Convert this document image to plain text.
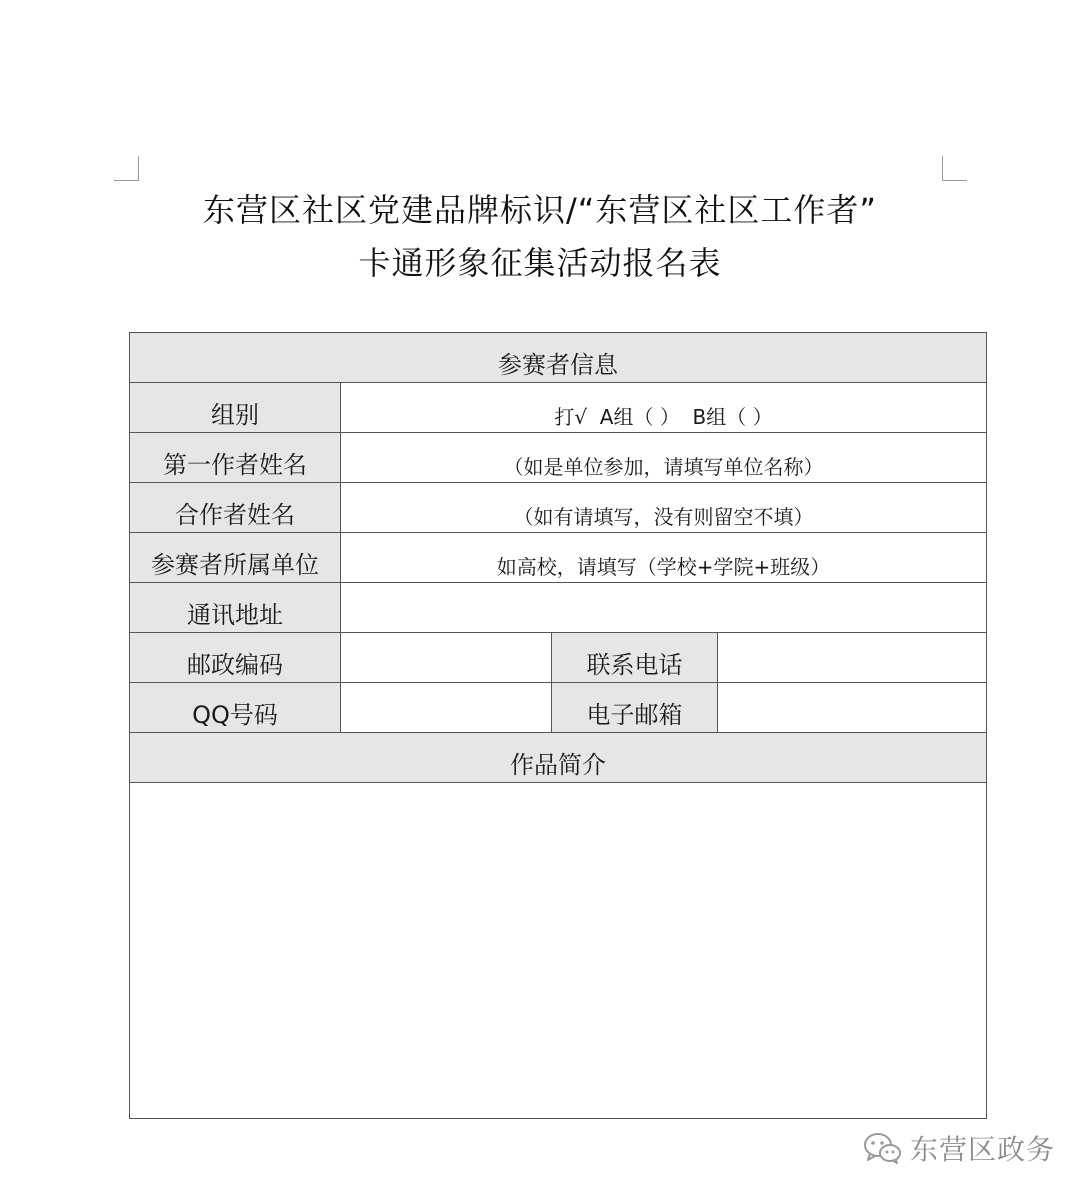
东营区社区党建品牌标识/“东营区社区工作者”
卡通形象征集活动报名表
参赛者信息			
组别	打√  A组（ ）  B组（ ）		
第一作者姓名	（如是单位参加，请填写单位名称）		
合作者姓名	（如有请填写，没有则留空不填）		
参赛者所属单位	如高校，请填写（学校+学院+班级）		
通讯地址			
邮政编码		联系电话	
QQ号码		电子邮箱	
作品简介			

东营区政务
